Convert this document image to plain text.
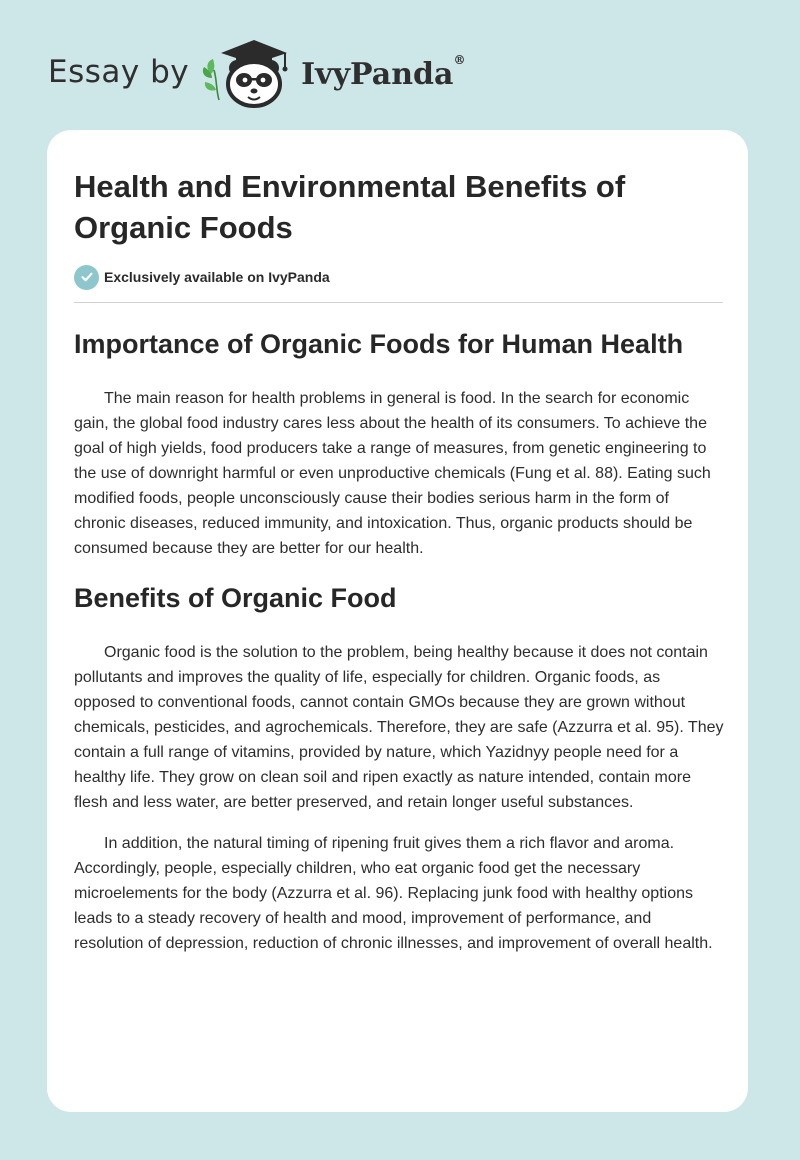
Essay by	IvyPanda®
Health and Environmental Benefits of Organic Foods
Exclusively available on IvyPanda
Importance of Organic Foods for Human Health

The main reason for health problems in general is food. In the search for economic gain, the global food industry cares less about the health of its consumers. To achieve the goal of high yields, food producers take a range of measures, from genetic engineering to the use of downright harmful or even unproductive chemicals (Fung et al. 88). Eating such modified foods, people unconsciously cause their bodies serious harm in the form of chronic diseases, reduced immunity, and intoxication. Thus, organic products should be consumed because they are better for our health.

Benefits of Organic Food

Organic food is the solution to the problem, being healthy because it does not contain pollutants and improves the quality of life, especially for children. Organic foods, as opposed to conventional foods, cannot contain GMOs because they are grown without chemicals, pesticides, and agrochemicals. Therefore, they are safe (Azzurra et al. 95). They contain a full range of vitamins, provided by nature, which Yazidnyy people need for a healthy life. They grow on clean soil and ripen exactly as nature intended, contain more flesh and less water, are better preserved, and retain longer useful substances.

In addition, the natural timing of ripening fruit gives them a rich flavor and aroma. Accordingly, people, especially children, who eat organic food get the necessary microelements for the body (Azzurra et al. 96). Replacing junk food with healthy options leads to a steady recovery of health and mood, improvement of performance, and resolution of depression, reduction of chronic illnesses, and improvement of overall health.
